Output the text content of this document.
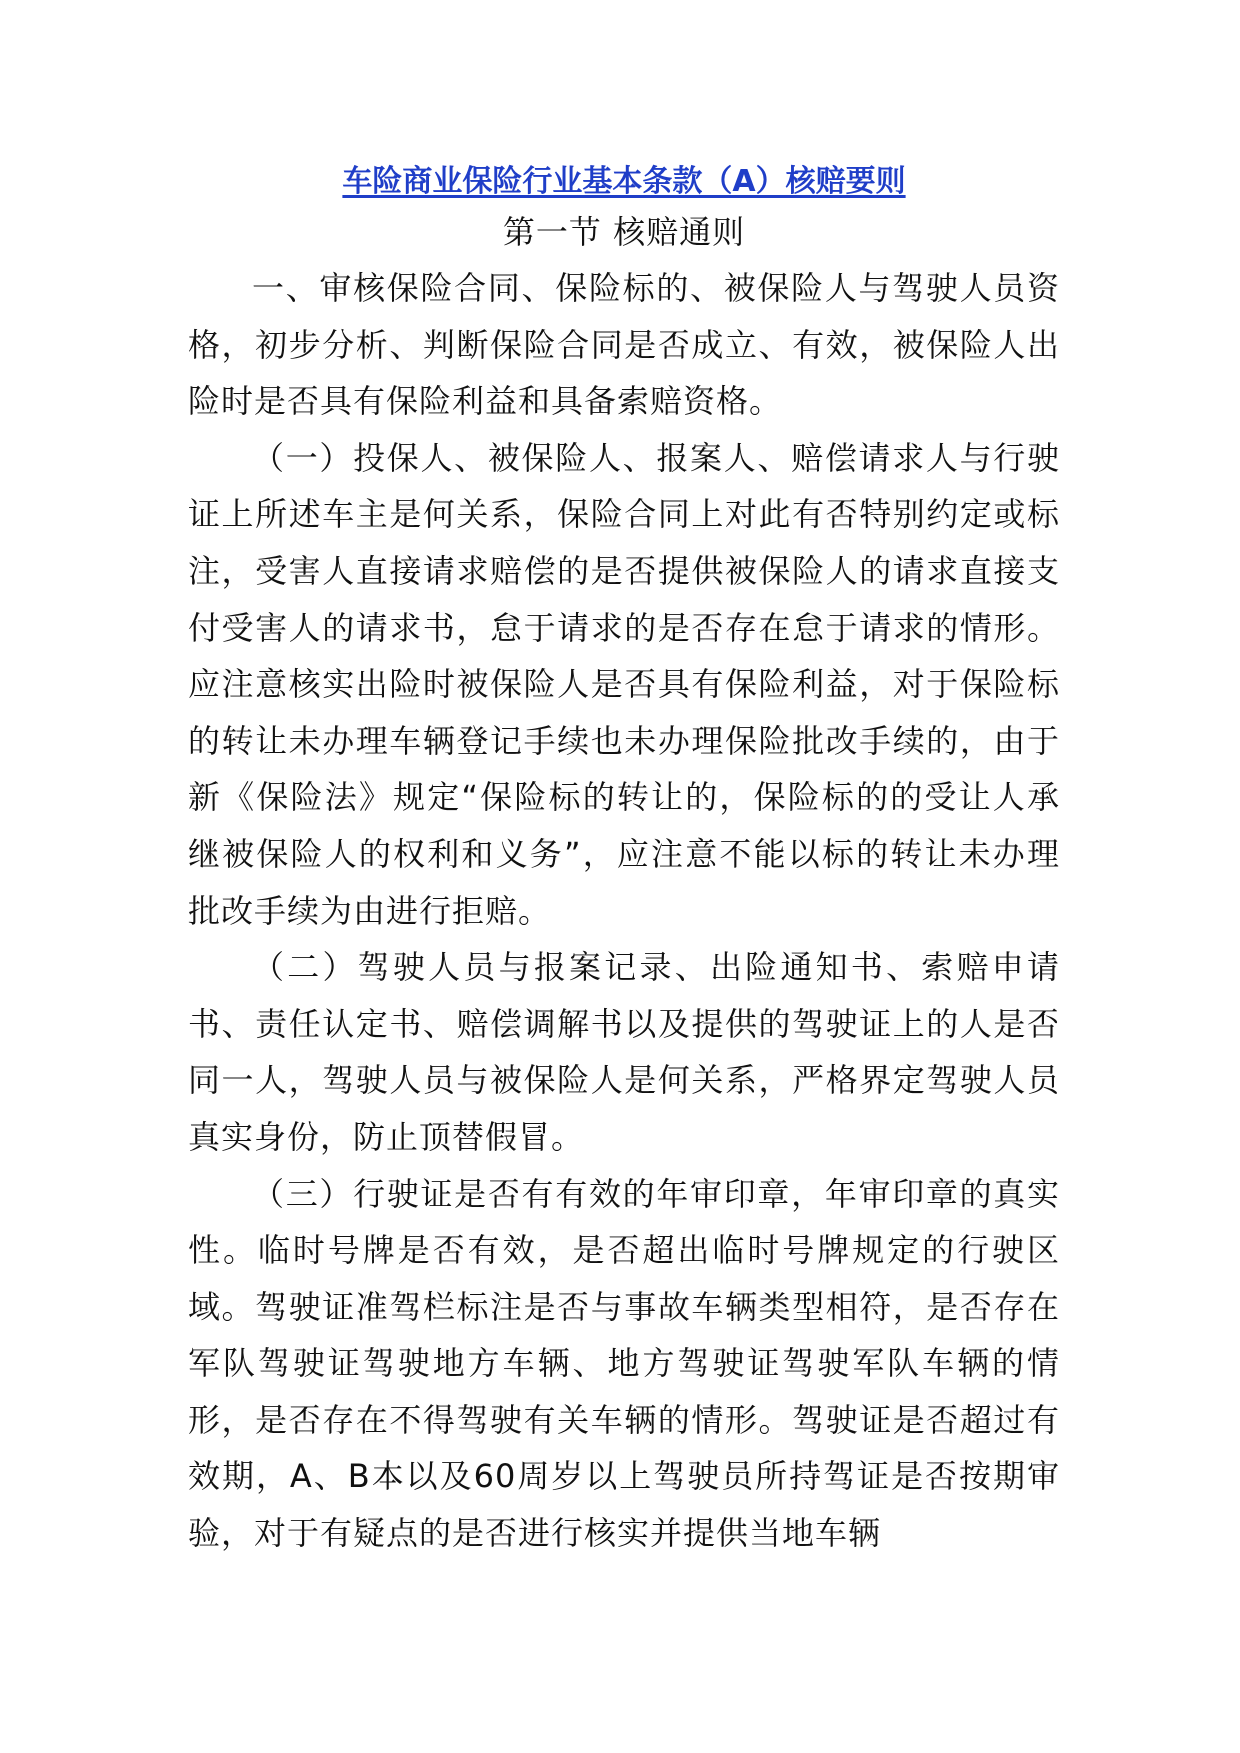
车险商业保险行业基本条款（A）核赔要则
第一节 核赔通则

一、审核保险合同、保险标的、被保险人与驾驶人员资格，初步分析、判断保险合同是否成立、有效，被保险人出险时是否具有保险利益和具备索赔资格。

（一）投保人、被保险人、报案人、赔偿请求人与行驶证上所述车主是何关系，保险合同上对此有否特别约定或标注，受害人直接请求赔偿的是否提供被保险人的请求直接支付受害人的请求书，怠于请求的是否存在怠于请求的情形。应注意核实出险时被保险人是否具有保险利益，对于保险标的转让未办理车辆登记手续也未办理保险批改手续的，由于新《保险法》规定“保险标的转让的，保险标的的受让人承继被保险人的权利和义务”，应注意不能以标的转让未办理批改手续为由进行拒赔。

（二）驾驶人员与报案记录、出险通知书、索赔申请书、责任认定书、赔偿调解书以及提供的驾驶证上的人是否同一人，驾驶人员与被保险人是何关系，严格界定驾驶人员真实身份，防止顶替假冒。

（三）行驶证是否有有效的年审印章，年审印章的真实性。临时号牌是否有效，是否超出临时号牌规定的行驶区域。驾驶证准驾栏标注是否与事故车辆类型相符，是否存在军队驾驶证驾驶地方车辆、地方驾驶证驾驶军队车辆的情形，是否存在不得驾驶有关车辆的情形。驾驶证是否超过有效期，A、B本以及60周岁以上驾驶员所持驾证是否按期审验，对于有疑点的是否进行核实并提供当地车辆
